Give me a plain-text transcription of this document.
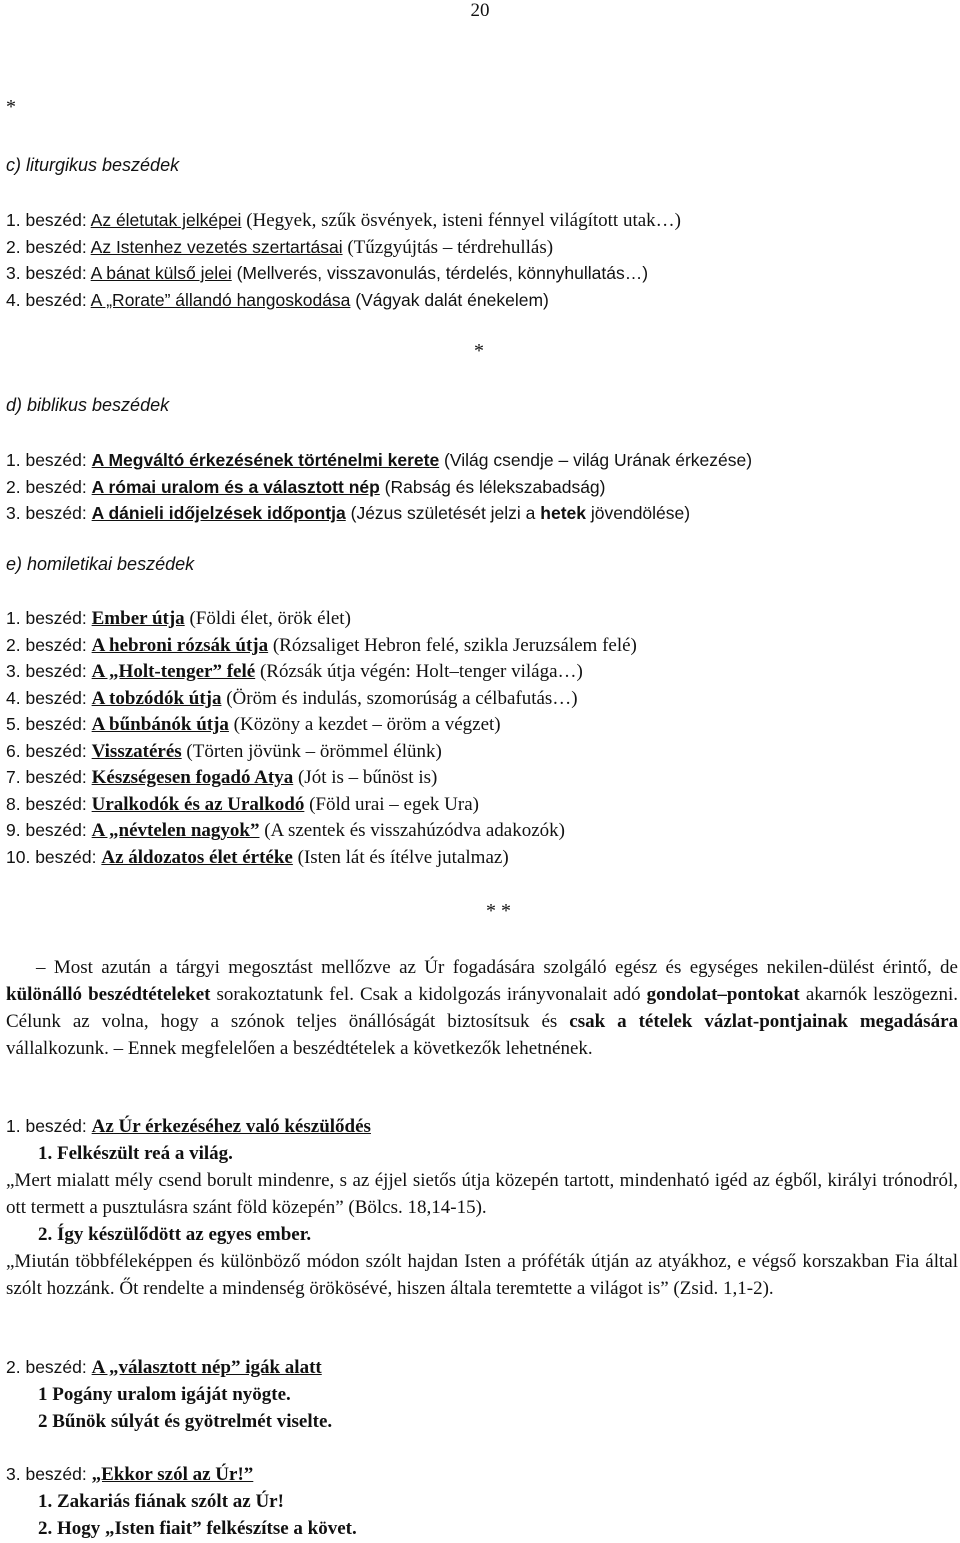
20
*
c) liturgikus beszédek
1. beszéd: Az életutak jelképei (Hegyek, szűk ösvények, isteni fénnyel világított utak…)
2. beszéd: Az Istenhez vezetés szertartásai (Tűzgyújtás – térdrehullás)
3. beszéd: A bánat külső jelei (Mellverés, visszavonulás, térdelés, könnyhullatás…)
4. beszéd: A „Rorate” állandó hangoskodása (Vágyak dalát énekelem)
*
d) biblikus beszédek
1. beszéd: A Megváltó érkezésének történelmi kerete (Világ csendje – világ Urának érkezése)
2. beszéd: A római uralom és a választott nép (Rabság és lélekszabadság)
3. beszéd: A dánieli időjelzések időpontja (Jézus születését jelzi a hetek jövendölése)
e) homiletikai beszédek
1. beszéd: Ember útja (Földi élet, örök élet)
2. beszéd: A hebroni rózsák útja (Rózsaliget Hebron felé, szikla Jeruzsálem felé)
3. beszéd: A „Holt-tenger” felé (Rózsák útja végén: Holt–tenger világa…)
4. beszéd: A tobzódók útja (Öröm és indulás, szomorúság a célbafutás…)
5. beszéd: A bűnbánók útja (Közöny a kezdet – öröm a végzet)
6. beszéd: Visszatérés (Törten jövünk – örömmel élünk)
7. beszéd: Készségesen fogadó Atya (Jót is – bűnöst is)
8. beszéd: Uralkodók és az Uralkodó (Föld urai – egek Ura)
9. beszéd: A „névtelen nagyok” (A szentek és visszahúzódva adakozók)
10. beszéd: Az áldozatos élet értéke (Isten lát és ítélve jutalmaz)
* *
– Most azután a tárgyi megosztást mellőzve az Úr fogadására szolgáló egész és egységes nekilen-dülést érintő, de különálló beszédtételeket sorakoztatunk fel. Csak a kidolgozás irányvonalait adó gondolat–pontokat akarnók leszögezni. Célunk az volna, hogy a szónok teljes önállóságát biztosítsuk és csak a tételek vázlat-pontjainak megadására vállalkozunk. – Ennek megfelelően a beszédtételek a következők lehetnének.
1. beszéd: Az Úr érkezéséhez való készülődés
1. Felkészült reá a világ.
„Mert mialatt mély csend borult mindenre, s az éjjel sietős útja közepén tartott, mindenható igéd az égből, királyi trónodról, ott termett a pusztulásra szánt föld közepén” (Bölcs. 18,14-15).
2. Így készülődött az egyes ember.
„Miután többféleképpen és különböző módon szólt hajdan Isten a próféták útján az atyákhoz, e végső korszakban Fia által szólt hozzánk. Őt rendelte a mindenség örökösévé, hiszen általa teremtette a világot is” (Zsid. 1,1-2).
2. beszéd: A „választott nép” igák alatt
1 Pogány uralom igáját nyögte.
2 Bűnök súlyát és gyötrelmét viselte.
3. beszéd: „Ekkor szól az Úr!”
1. Zakariás fiának szólt az Úr!
2. Hogy „Isten fiait” felkészítse a követ.
